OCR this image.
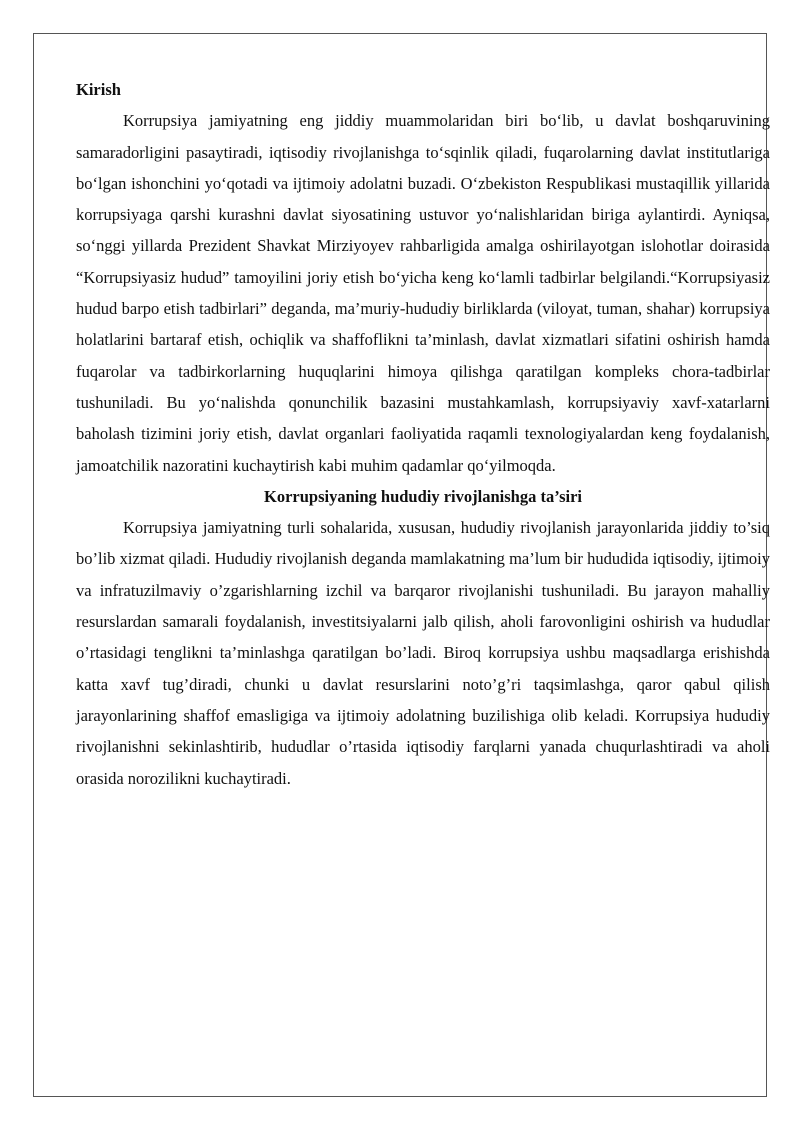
Kirish

Korrupsiya jamiyatning eng jiddiy muammolaridan biri bo‘lib, u davlat boshqaruvining samaradorligini pasaytiradi, iqtisodiy rivojlanishga to‘sqinlik qiladi, fuqarolarning davlat institutlariga bo‘lgan ishonchini yo‘qotadi va ijtimoiy adolatni buzadi. O‘zbekiston Respublikasi mustaqillik yillarida korrupsiyaga qarshi kurashni davlat siyosatining ustuvor yo‘nalishlaridan biriga aylantirdi. Ayniqsa, so‘nggi yillarda Prezident Shavkat Mirziyoyev rahbarligida amalga oshirilayotgan islohotlar doirasida “Korrupsiyasiz hudud” tamoyilini joriy etish bo‘yicha keng ko‘lamli tadbirlar belgilandi.“Korrupsiyasiz hudud barpo etish tadbirlari” deganda, ma’muriy-hududiy birliklarda (viloyat, tuman, shahar) korrupsiya holatlarini bartaraf etish, ochiqlik va shaffoflikni ta’minlash, davlat xizmatlari sifatini oshirish hamda fuqarolar va tadbirkorlarning huquqlarini himoya qilishga qaratilgan kompleks chora-tadbirlar tushuniladi. Bu yo‘nalishda qonunchilik bazasini mustahkamlash, korrupsiyaviy xavf-xatarlarni baholash tizimini joriy etish, davlat organlari faoliyatida raqamli texnologiyalardan keng foydalanish, jamoatchilik nazoratini kuchaytirish kabi muhim qadamlar qo‘yilmoqda.

Korrupsiyaning hududiy rivojlanishga ta’siri

Korrupsiya jamiyatning turli sohalarida, xususan, hududiy rivojlanish jarayonlarida jiddiy to’siq bo’lib xizmat qiladi. Hududiy rivojlanish deganda mamlakatning ma’lum bir hududida iqtisodiy, ijtimoiy va infratuzilmaviy o’zgarishlarning izchil va barqaror rivojlanishi tushuniladi. Bu jarayon mahalliy resurslardan samarali foydalanish, investitsiyalarni jalb qilish, aholi farovonligini oshirish va hududlar o’rtasidagi tenglikni ta’minlashga qaratilgan bo’ladi. Biroq korrupsiya ushbu maqsadlarga erishishda katta xavf tug’diradi, chunki u davlat resurslarini noto’g’ri taqsimlashga, qaror qabul qilish jarayonlarining shaffof emasligiga va ijtimoiy adolatning buzilishiga olib keladi. Korrupsiya hududiy rivojlanishni sekinlashtirib, hududlar o’rtasida iqtisodiy farqlarni yanada chuqurlashtiradi va aholi orasida norozilikni kuchaytiradi.
